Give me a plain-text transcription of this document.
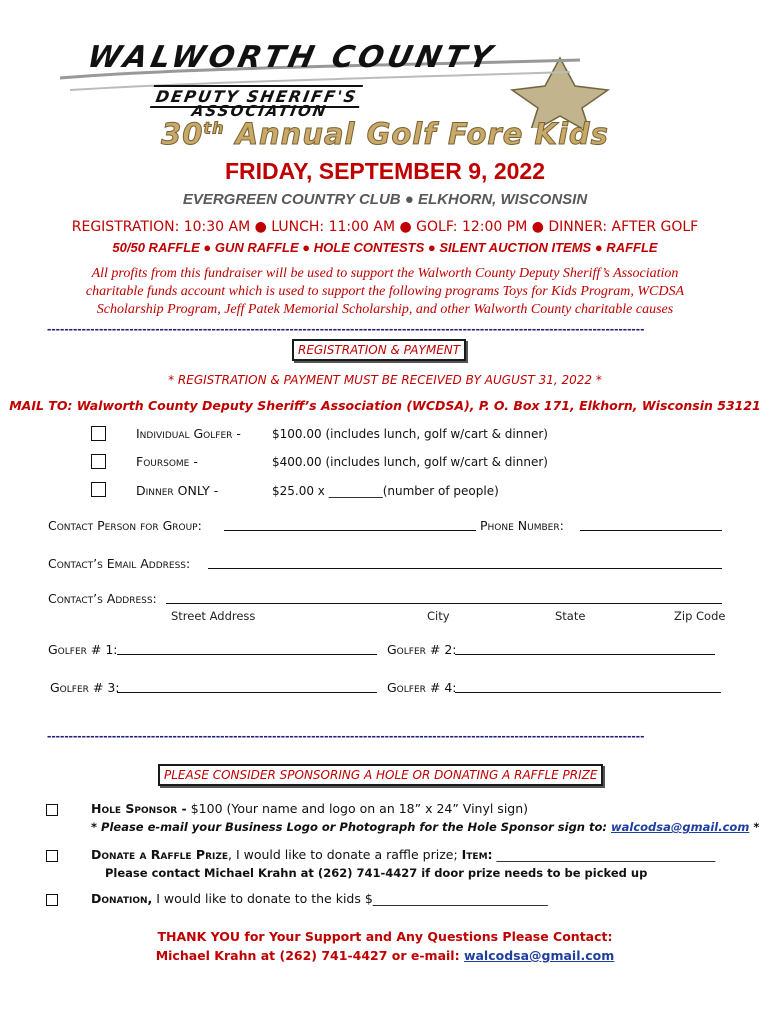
WALWORTH COUNTY
DEPUTY SHERIFF'S
ASSOCIATION
30th Annual Golf Fore Kids
FRIDAY, SEPTEMBER 9, 2022
EVERGREEN COUNTRY CLUB ● ELKHORN, WISCONSIN
REGISTRATION: 10:30 AM ● LUNCH: 11:00 AM ● GOLF: 12:00 PM ● DINNER: AFTER GOLF
50/50 RAFFLE ● GUN RAFFLE ● HOLE CONTESTS ● SILENT AUCTION ITEMS ● RAFFLE
All profits from this fundraiser will be used to support the Walworth County Deputy Sheriff’s Association
charitable funds account which is used to support the following programs Toys for Kids Program, WCDSA
Scholarship Program, Jeff Patek Memorial Scholarship, and other Walworth County charitable causes
------------------------------------------------------------------------------------------------------------------------------------------
REGISTRATION & PAYMENT
* REGISTRATION & PAYMENT MUST BE RECEIVED BY AUGUST 31, 2022 *
MAIL TO: Walworth County Deputy Sheriff’s Association (WCDSA), P. O. Box 171, Elkhorn, Wisconsin 53121
Individual Golfer -	$100.00 (includes lunch, golf w/cart & dinner)
Foursome -	$400.00 (includes lunch, golf w/cart & dinner)
Dinner ONLY -	$25.00 x _________(number of people)
Contact Person for Group:	Phone Number:
Contact’s Email Address:
Contact’s Address:
Street Address	City	State	Zip Code
Golfer # 1:	Golfer # 2:
Golfer # 3:	Golfer # 4:
------------------------------------------------------------------------------------------------------------------------------------------
PLEASE CONSIDER SPONSORING A HOLE OR DONATING A RAFFLE PRIZE
Hole Sponsor - $100 (Your name and logo on an 18” x 24” Vinyl sign)
* Please e-mail your Business Logo or Photograph for the Hole Sponsor sign to: walcodsa@gmail.com *
Donate a Raffle Prize, I would like to donate a raffle prize; Item: ___________________________________
Please contact Michael Krahn at (262) 741-4427 if door prize needs to be picked up
Donation, I would like to donate to the kids $____________________________
THANK YOU for Your Support and Any Questions Please Contact:
Michael Krahn at (262) 741-4427 or e-mail: walcodsa@gmail.com
